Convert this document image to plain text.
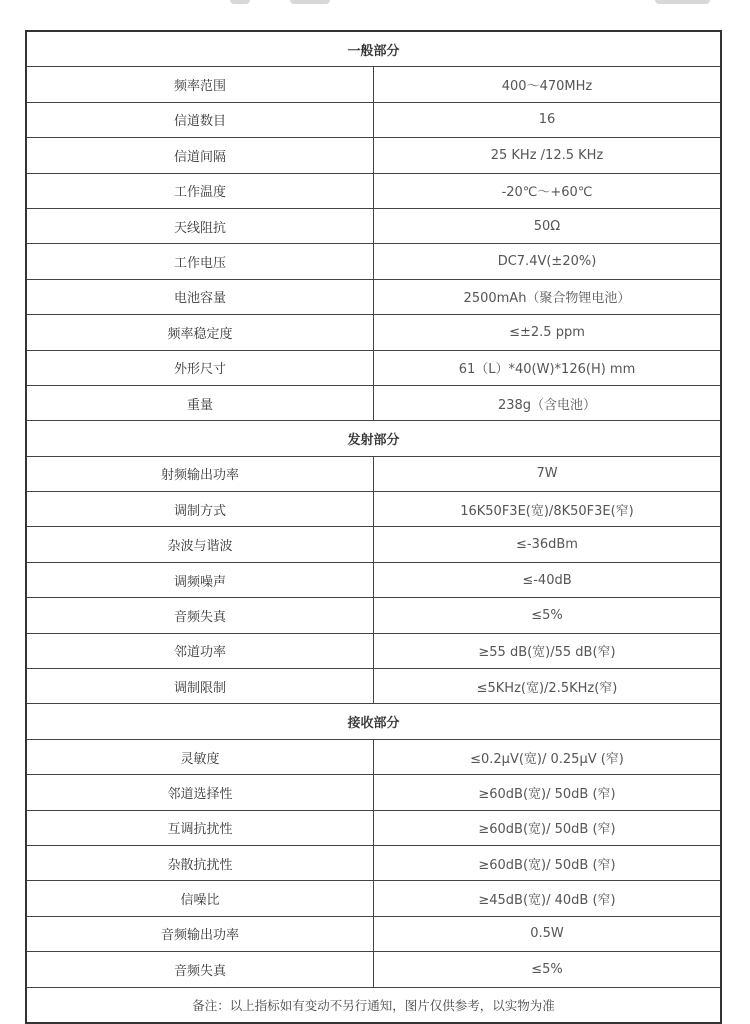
一般部分	
频率范围	400～470MHz
信道数目	16
信道间隔	25 KHz /12.5 KHz
工作温度	-20℃～+60℃
天线阻抗	50Ω
工作电压	DC7.4V(±20%)
电池容量	2500mAh（聚合物锂电池）
频率稳定度	≤±2.5 ppm
外形尺寸	61（L）*40(W)*126(H) mm
重量	238g（含电池）
发射部分	
射频输出功率	7W
调制方式	16K50F3E(宽)/8K50F3E(窄)
杂波与谐波	≤-36dBm
调频噪声	≤-40dB
音频失真	≤5%
邻道功率	≥55 dB(宽)/55 dB(窄)
调制限制	≤5KHz(宽)/2.5KHz(窄)
接收部分	
灵敏度	≤0.2μV(宽)/ 0.25μV (窄)
邻道选择性	≥60dB(宽)/ 50dB (窄)
互调抗扰性	≥60dB(宽)/ 50dB (窄)
杂散抗扰性	≥60dB(宽)/ 50dB (窄)
信噪比	≥45dB(宽)/ 40dB (窄)
音频输出功率	0.5W
音频失真	≤5%
备注：以上指标如有变动不另行通知，图片仅供参考，以实物为准	
